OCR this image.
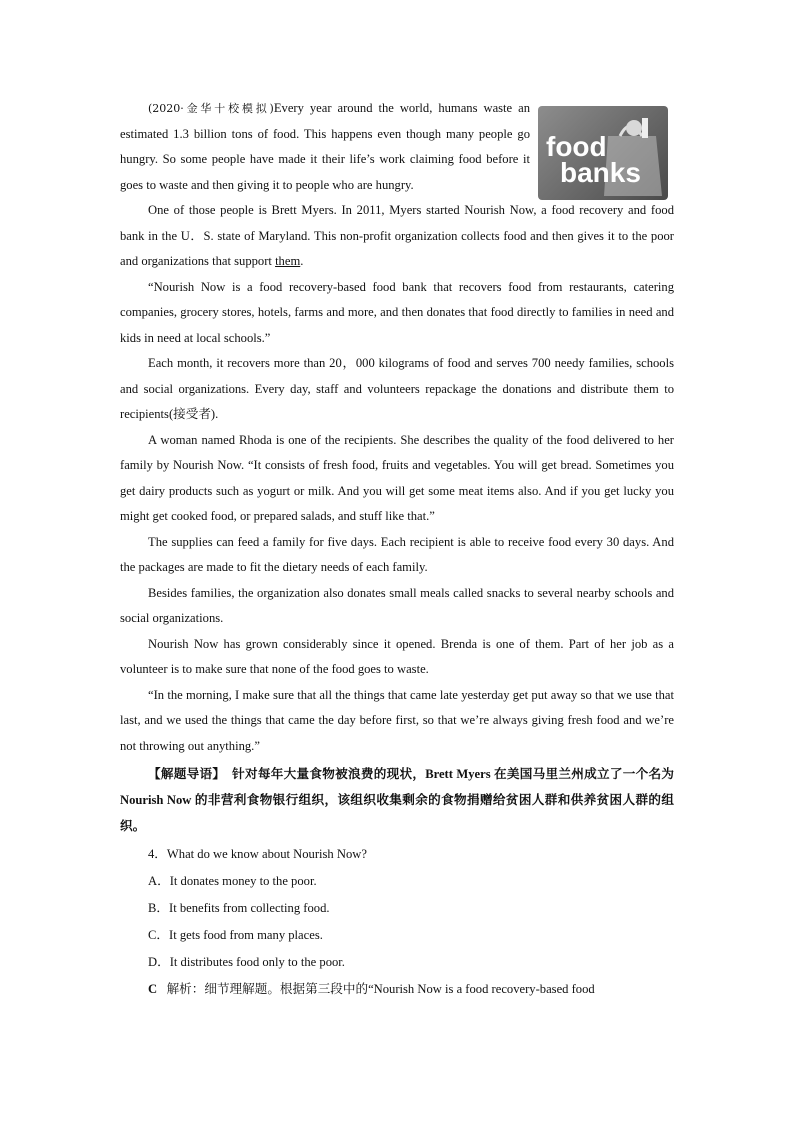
food
banks

(2020·金华十校模拟)Every year around the world, humans waste an estimated 1.3 billion tons of food. This happens even though many people go hungry. So some people have made it their life’s work claiming food before it goes to waste and then giving it to people who are hungry.

One of those people is Brett Myers. In 2011, Myers started Nourish Now, a food recovery and food bank in the U．S. state of Maryland. This non-profit organization collects food and then gives it to the poor and organizations that support them.

“Nourish Now is a food recovery‑based food bank that recovers food from restaurants, catering companies, grocery stores, hotels, farms and more, and then donates that food directly to families in need and kids in need at local schools.”

Each month, it recovers more than 20，000 kilograms of food and serves 700 needy families, schools and social organizations. Every day, staff and volunteers repackage the donations and distribute them to recipients(接受者).

A woman named Rhoda is one of the recipients. She describes the quality of the food delivered to her family by Nourish Now. “It consists of fresh food, fruits and vegetables. You will get bread. Sometimes you get dairy products such as yogurt or milk. And you will get some meat items also. And if you get lucky you might get cooked food, or prepared salads, and stuff like that.”

The supplies can feed a family for five days. Each recipient is able to receive food every 30 days. And the packages are made to fit the dietary needs of each family.

Besides families, the organization also donates small meals called snacks to several nearby schools and social organizations.

Nourish Now has grown considerably since it opened. Brenda is one of them. Part of her job as a volunteer is to make sure that none of the food goes to waste.

“In the morning, I make sure that all the things that came late yesterday get put away so that we use that last, and we used the things that came the day before first, so that we’re always giving fresh food and we’re not throwing out anything.”

【解题导语】 针对每年大量食物被浪费的现状，Brett Myers 在美国马里兰州成立了一个名为 Nourish Now 的非营利食物银行组织，该组织收集剩余的食物捐赠给贫困人群和供养贫困人群的组织。

4．What do we know about Nourish Now?

A．It donates money to the poor.

B．It benefits from collecting food.

C．It gets food from many places.

D．It distributes food only to the poor.

C 解析：细节理解题。根据第三段中的“Nourish Now is a food recovery-based food
